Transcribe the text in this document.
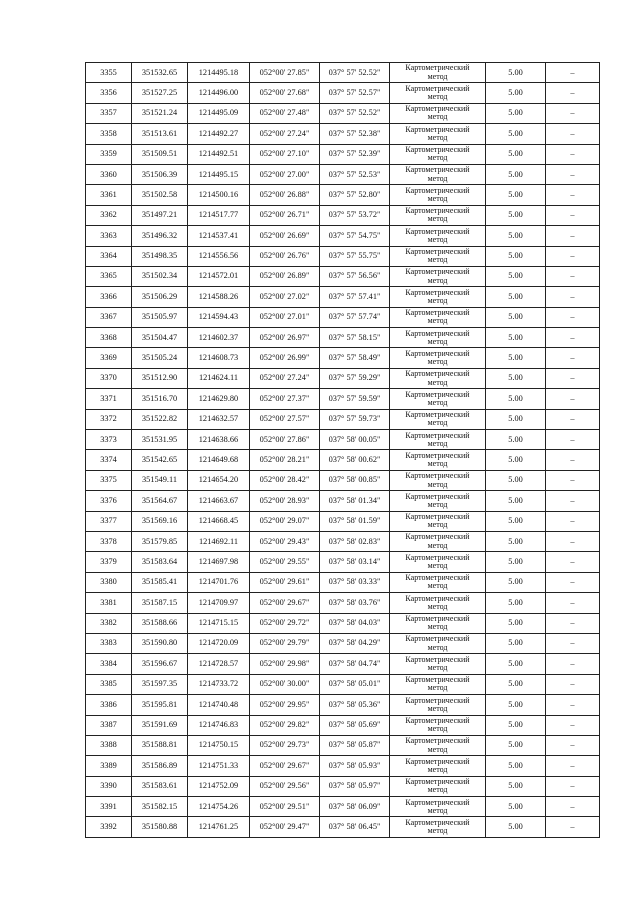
3355	351532.65	1214495.18	052°00' 27.85"	037° 57' 52.52"	Картометрический
метод	5.00	–
3356	351527.25	1214496.00	052°00' 27.68"	037° 57' 52.57"	Картометрический
метод	5.00	–
3357	351521.24	1214495.09	052°00' 27.48"	037° 57' 52.52"	Картометрический
метод	5.00	–
3358	351513.61	1214492.27	052°00' 27.24"	037° 57' 52.38"	Картометрический
метод	5.00	–
3359	351509.51	1214492.51	052°00' 27.10"	037° 57' 52.39"	Картометрический
метод	5.00	–
3360	351506.39	1214495.15	052°00' 27.00"	037° 57' 52.53"	Картометрический
метод	5.00	–
3361	351502.58	1214500.16	052°00' 26.88"	037° 57' 52.80"	Картометрический
метод	5.00	–
3362	351497.21	1214517.77	052°00' 26.71"	037° 57' 53.72"	Картометрический
метод	5.00	–
3363	351496.32	1214537.41	052°00' 26.69"	037° 57' 54.75"	Картометрический
метод	5.00	–
3364	351498.35	1214556.56	052°00' 26.76"	037° 57' 55.75"	Картометрический
метод	5.00	–
3365	351502.34	1214572.01	052°00' 26.89"	037° 57' 56.56"	Картометрический
метод	5.00	–
3366	351506.29	1214588.26	052°00' 27.02"	037° 57' 57.41"	Картометрический
метод	5.00	–
3367	351505.97	1214594.43	052°00' 27.01"	037° 57' 57.74"	Картометрический
метод	5.00	–
3368	351504.47	1214602.37	052°00' 26.97"	037° 57' 58.15"	Картометрический
метод	5.00	–
3369	351505.24	1214608.73	052°00' 26.99"	037° 57' 58.49"	Картометрический
метод	5.00	–
3370	351512.90	1214624.11	052°00' 27.24"	037° 57' 59.29"	Картометрический
метод	5.00	–
3371	351516.70	1214629.80	052°00' 27.37"	037° 57' 59.59"	Картометрический
метод	5.00	–
3372	351522.82	1214632.57	052°00' 27.57"	037° 57' 59.73"	Картометрический
метод	5.00	–
3373	351531.95	1214638.66	052°00' 27.86"	037° 58' 00.05"	Картометрический
метод	5.00	–
3374	351542.65	1214649.68	052°00' 28.21"	037° 58' 00.62"	Картометрический
метод	5.00	–
3375	351549.11	1214654.20	052°00' 28.42"	037° 58' 00.85"	Картометрический
метод	5.00	–
3376	351564.67	1214663.67	052°00' 28.93"	037° 58' 01.34"	Картометрический
метод	5.00	–
3377	351569.16	1214668.45	052°00' 29.07"	037° 58' 01.59"	Картометрический
метод	5.00	–
3378	351579.85	1214692.11	052°00' 29.43"	037° 58' 02.83"	Картометрический
метод	5.00	–
3379	351583.64	1214697.98	052°00' 29.55"	037° 58' 03.14"	Картометрический
метод	5.00	–
3380	351585.41	1214701.76	052°00' 29.61"	037° 58' 03.33"	Картометрический
метод	5.00	–
3381	351587.15	1214709.97	052°00' 29.67"	037° 58' 03.76"	Картометрический
метод	5.00	–
3382	351588.66	1214715.15	052°00' 29.72"	037° 58' 04.03"	Картометрический
метод	5.00	–
3383	351590.80	1214720.09	052°00' 29.79"	037° 58' 04.29"	Картометрический
метод	5.00	–
3384	351596.67	1214728.57	052°00' 29.98"	037° 58' 04.74"	Картометрический
метод	5.00	–
3385	351597.35	1214733.72	052°00' 30.00"	037° 58' 05.01"	Картометрический
метод	5.00	–
3386	351595.81	1214740.48	052°00' 29.95"	037° 58' 05.36"	Картометрический
метод	5.00	–
3387	351591.69	1214746.83	052°00' 29.82"	037° 58' 05.69"	Картометрический
метод	5.00	–
3388	351588.81	1214750.15	052°00' 29.73"	037° 58' 05.87"	Картометрический
метод	5.00	–
3389	351586.89	1214751.33	052°00' 29.67"	037° 58' 05.93"	Картометрический
метод	5.00	–
3390	351583.61	1214752.09	052°00' 29.56"	037° 58' 05.97"	Картометрический
метод	5.00	–
3391	351582.15	1214754.26	052°00' 29.51"	037° 58' 06.09"	Картометрический
метод	5.00	–
3392	351580.88	1214761.25	052°00' 29.47"	037° 58' 06.45"	Картометрический
метод	5.00	–
